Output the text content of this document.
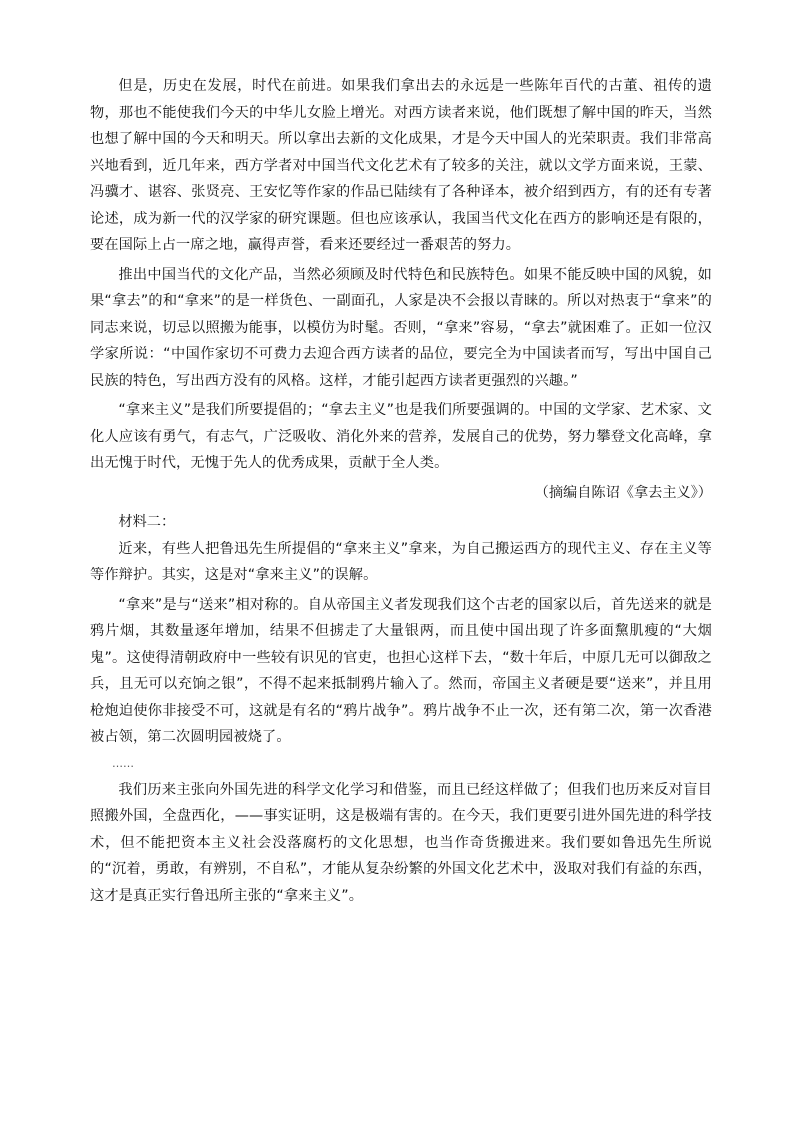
但是，历史在发展，时代在前进。如果我们拿出去的永远是一些陈年百代的古董、祖传的遗物，那也不能使我们今天的中华儿女脸上增光。对西方读者来说，他们既想了解中国的昨天，当然也想了解中国的今天和明天。所以拿出去新的文化成果，才是今天中国人的光荣职责。我们非常高兴地看到，近几年来，西方学者对中国当代文化艺术有了较多的关注，就以文学方面来说，王蒙、冯骥才、谌容、张贤亮、王安忆等作家的作品已陆续有了各种译本，被介绍到西方，有的还有专著论述，成为新一代的汉学家的研究课题。但也应该承认，我国当代文化在西方的影响还是有限的，要在国际上占一席之地，赢得声誉，看来还要经过一番艰苦的努力。

推出中国当代的文化产品，当然必须顾及时代特色和民族特色。如果不能反映中国的风貌，如果“拿去”的和“拿来”的是一样货色、一副面孔，人家是决不会报以青睐的。所以对热衷于“拿来”的同志来说，切忌以照搬为能事，以模仿为时髦。否则，“拿来”容易，“拿去”就困难了。正如一位汉学家所说：“中国作家切不可费力去迎合西方读者的品位，要完全为中国读者而写，写出中国自己民族的特色，写出西方没有的风格。这样，才能引起西方读者更强烈的兴趣。”

“拿来主义”是我们所要提倡的；“拿去主义”也是我们所要强调的。中国的文学家、艺术家、文化人应该有勇气，有志气，广泛吸收、消化外来的营养，发展自己的优势，努力攀登文化高峰，拿出无愧于时代，无愧于先人的优秀成果，贡献于全人类。

（摘编自陈诏《拿去主义》）

材料二：

近来，有些人把鲁迅先生所提倡的“拿来主义”拿来，为自己搬运西方的现代主义、存在主义等等作辩护。其实，这是对“拿来主义”的误解。

“拿来”是与“送来”相对称的。自从帝国主义者发现我们这个古老的国家以后，首先送来的就是鸦片烟，其数量逐年增加，结果不但掳走了大量银两，而且使中国出现了许多面黧肌瘦的“大烟鬼”。这使得清朝政府中一些较有识见的官吏，也担心这样下去，“数十年后，中原几无可以御敌之兵，且无可以充饷之银”，不得不起来抵制鸦片输入了。然而，帝国主义者硬是要“送来”，并且用枪炮迫使你非接受不可，这就是有名的“鸦片战争”。鸦片战争不止一次，还有第二次，第一次香港被占领，第二次圆明园被烧了。

……

我们历来主张向外国先进的科学文化学习和借鉴，而且已经这样做了；但我们也历来反对盲目照搬外国，全盘西化，——事实证明，这是极端有害的。在今天，我们更要引进外国先进的科学技术，但不能把资本主义社会没落腐朽的文化思想，也当作奇货搬进来。我们要如鲁迅先生所说的“沉着，勇敢，有辨别，不自私”，才能从复杂纷繁的外国文化艺术中，汲取对我们有益的东西，这才是真正实行鲁迅所主张的“拿来主义”。
